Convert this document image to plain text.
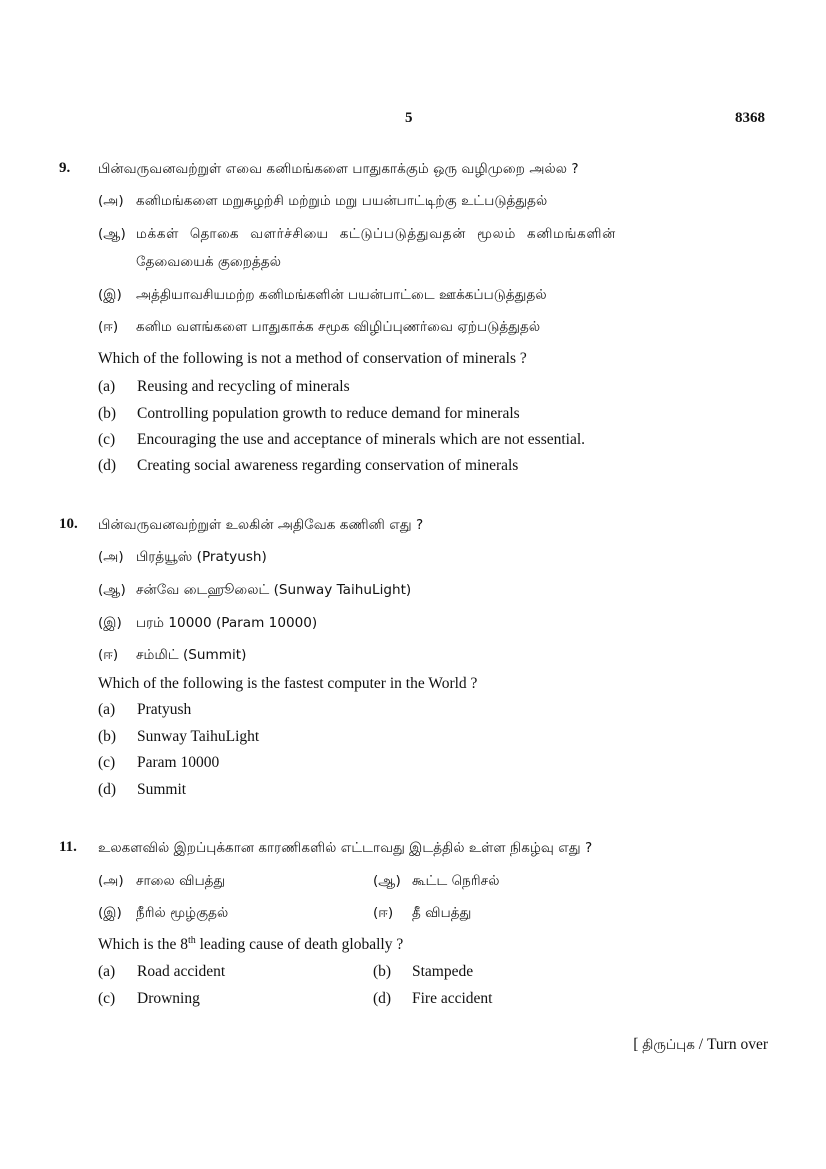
5	8368
9. பின்வருவனவற்றுள் எவை கனிமங்களை பாதுகாக்கும் ஒரு வழிமுறை அல்ல ?
(அ) கனிமங்களை மறுசுழற்சி மற்றும் மறு பயன்பாட்டிற்கு உட்படுத்துதல்
(ஆ) மக்கள் தொகை வளர்ச்சியை கட்டுப்படுத்துவதன் மூலம் கனிமங்களின்
தேவையைக் குறைத்தல்
(இ) அத்தியாவசியமற்ற கனிமங்களின் பயன்பாட்டை ஊக்கப்படுத்துதல்
(ஈ) கனிம வளங்களை பாதுகாக்க சமூக விழிப்புணர்வை ஏற்படுத்துதல்
Which of the following is not a method of conservation of minerals ?
(a) Reusing and recycling of minerals
(b) Controlling population growth to reduce demand for minerals
(c) Encouraging the use and acceptance of minerals which are not essential.
(d) Creating social awareness regarding conservation of minerals
10. பின்வருவனவற்றுள் உலகின் அதிவேக கணினி எது ?
(அ) பிரத்யூஸ் (Pratyush)
(ஆ) சன்வே டைஹூலைட் (Sunway TaihuLight)
(இ) பரம் 10000 (Param 10000)
(ஈ) சம்மிட் (Summit)
Which of the following is the fastest computer in the World ?
(a) Pratyush
(b) Sunway TaihuLight
(c) Param 10000
(d) Summit
11. உலகளவில் இறப்புக்கான காரணிகளில் எட்டாவது இடத்தில் உள்ள நிகழ்வு எது ?
(அ) சாலை விபத்து	(ஆ) கூட்ட நெரிசல்
(இ) நீரில் மூழ்குதல்	(ஈ) தீ விபத்து
Which is the 8th leading cause of death globally ?
(a) Road accident	(b) Stampede
(c) Drowning	(d) Fire accident
[ திருப்புக / Turn over
